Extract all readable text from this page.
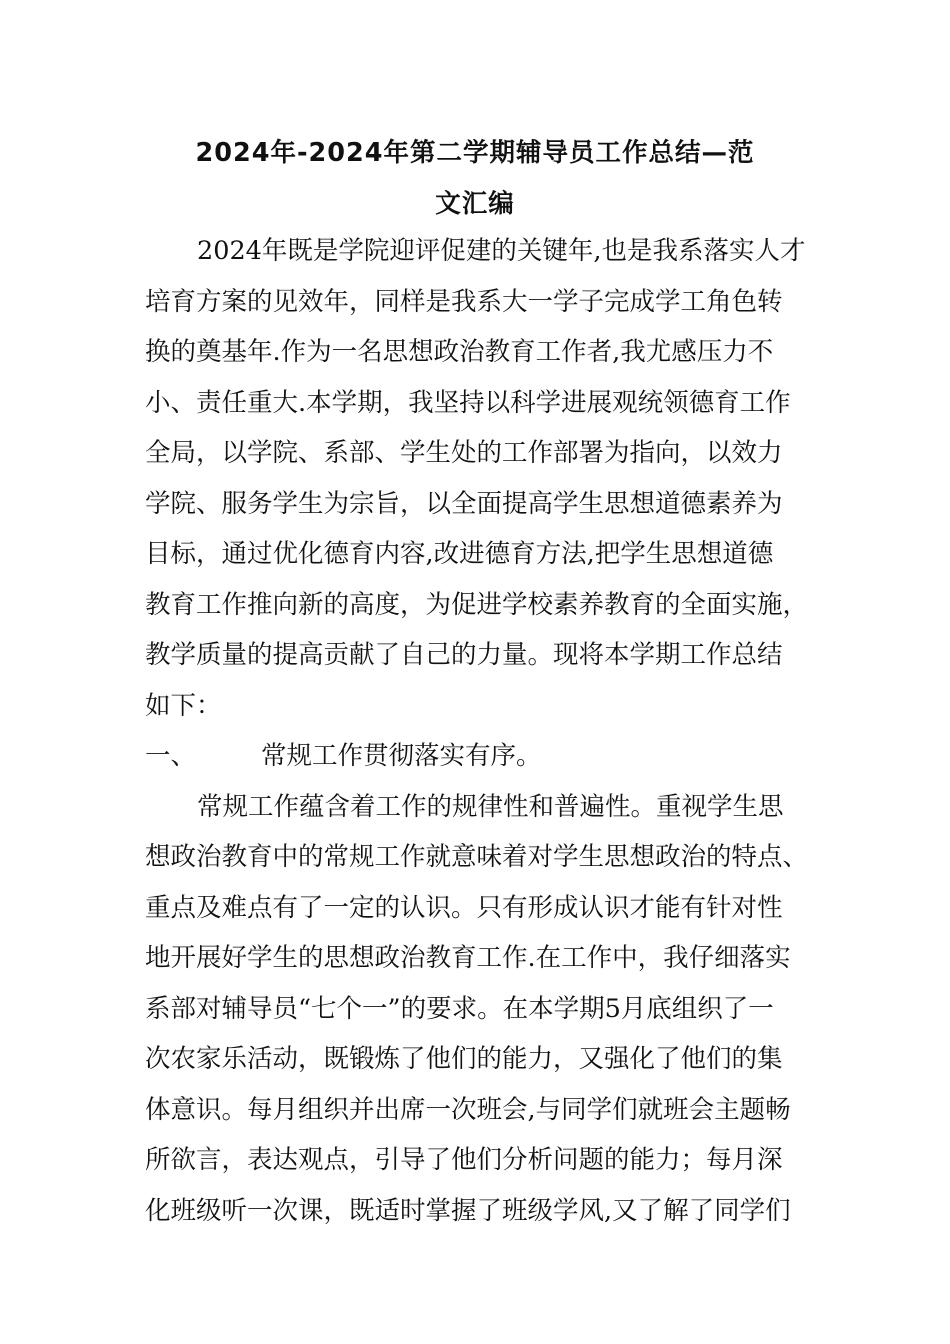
2024年-2024年第二学期辅导员工作总结—范
文汇编
2024年既是学院迎评促建的关键年,也是我系落实人才
培育方案的见效年，同样是我系大一学子完成学工角色转
换的奠基年.作为一名思想政治教育工作者,我尤感压力不
小、责任重大.本学期，我坚持以科学进展观统领德育工作
全局，以学院、系部、学生处的工作部署为指向，以效力
学院、服务学生为宗旨，以全面提高学生思想道德素养为
目标，通过优化德育内容,改进德育方法,把学生思想道德
教育工作推向新的高度，为促进学校素养教育的全面实施，
教学质量的提高贡献了自己的力量。现将本学期工作总结
如下：
一、	常规工作贯彻落实有序。
常规工作蕴含着工作的规律性和普遍性。重视学生思
想政治教育中的常规工作就意味着对学生思想政治的特点、
重点及难点有了一定的认识。只有形成认识才能有针对性
地开展好学生的思想政治教育工作.在工作中，我仔细落实
系部对辅导员“七个一”的要求。在本学期5月底组织了一
次农家乐活动，既锻炼了他们的能力，又强化了他们的集
体意识。每月组织并出席一次班会,与同学们就班会主题畅
所欲言，表达观点，引导了他们分析问题的能力；每月深
化班级听一次课，既适时掌握了班级学风,又了解了同学们
